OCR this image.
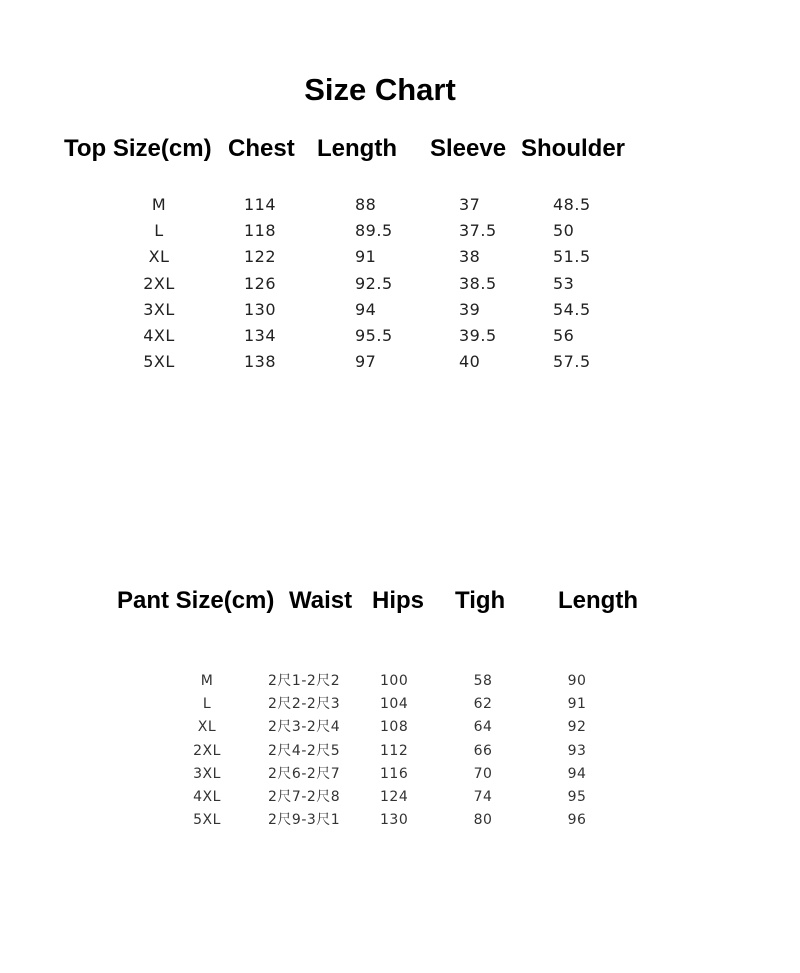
Size Chart
Top Size(cm) Chest Length Sleeve Shoulder
M	114	88	37	48.5
L	118	89.5	37.5	50
XL	122	91	38	51.5
2XL	126	92.5	38.5	53
3XL	130	94	39	54.5
4XL	134	95.5	39.5	56
5XL	138	97	40	57.5
Pant Size(cm) Waist Hips Tigh Length
M	2尺1-2尺2	100	58	90
L	2尺2-2尺3	104	62	91
XL	2尺3-2尺4	108	64	92
2XL	2尺4-2尺5	112	66	93
3XL	2尺6-2尺7	116	70	94
4XL	2尺7-2尺8	124	74	95
5XL	2尺9-3尺1	130	80	96
